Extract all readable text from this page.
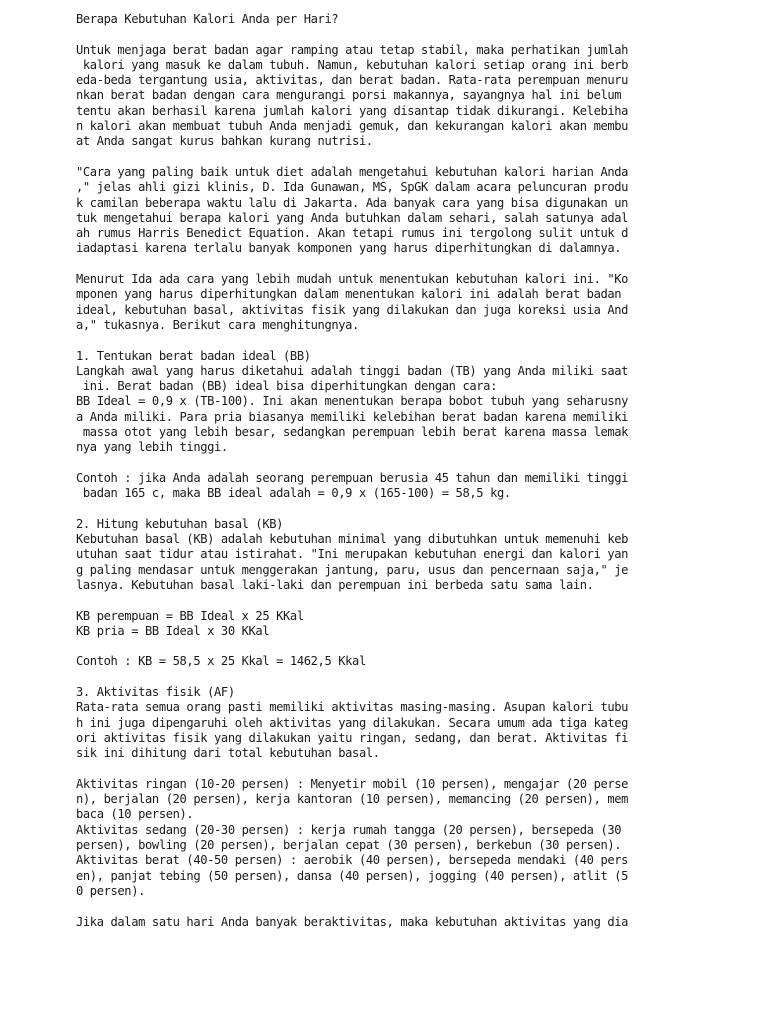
Berapa Kebutuhan Kalori Anda per Hari?
Untuk menjaga berat badan agar ramping atau tetap stabil, maka perhatikan jumlah
kalori yang masuk ke dalam tubuh. Namun, kebutuhan kalori setiap orang ini berb
eda-beda tergantung usia, aktivitas, dan berat badan. Rata-rata perempuan menuru
nkan berat badan dengan cara mengurangi porsi makannya, sayangnya hal ini belum
tentu akan berhasil karena jumlah kalori yang disantap tidak dikurangi. Kelebiha
n kalori akan membuat tubuh Anda menjadi gemuk, dan kekurangan kalori akan membu
at Anda sangat kurus bahkan kurang nutrisi.
"Cara yang paling baik untuk diet adalah mengetahui kebutuhan kalori harian Anda
," jelas ahli gizi klinis, D. Ida Gunawan, MS, SpGK dalam acara peluncuran produ
k camilan beberapa waktu lalu di Jakarta. Ada banyak cara yang bisa digunakan un
tuk mengetahui berapa kalori yang Anda butuhkan dalam sehari, salah satunya adal
ah rumus Harris Benedict Equation. Akan tetapi rumus ini tergolong sulit untuk d
iadaptasi karena terlalu banyak komponen yang harus diperhitungkan di dalamnya.
Menurut Ida ada cara yang lebih mudah untuk menentukan kebutuhan kalori ini. "Ko
mponen yang harus diperhitungkan dalam menentukan kalori ini adalah berat badan
ideal, kebutuhan basal, aktivitas fisik yang dilakukan dan juga koreksi usia And
a," tukasnya. Berikut cara menghitungnya.
1. Tentukan berat badan ideal (BB)
Langkah awal yang harus diketahui adalah tinggi badan (TB) yang Anda miliki saat
ini. Berat badan (BB) ideal bisa diperhitungkan dengan cara:
BB Ideal = 0,9 x (TB-100). Ini akan menentukan berapa bobot tubuh yang seharusny
a Anda miliki. Para pria biasanya memiliki kelebihan berat badan karena memiliki
massa otot yang lebih besar, sedangkan perempuan lebih berat karena massa lemak
nya yang lebih tinggi.
Contoh : jika Anda adalah seorang perempuan berusia 45 tahun dan memiliki tinggi
badan 165 c, maka BB ideal adalah = 0,9 x (165-100) = 58,5 kg.
2. Hitung kebutuhan basal (KB)
Kebutuhan basal (KB) adalah kebutuhan minimal yang dibutuhkan untuk memenuhi keb
utuhan saat tidur atau istirahat. "Ini merupakan kebutuhan energi dan kalori yan
g paling mendasar untuk menggerakan jantung, paru, usus dan pencernaan saja," je
lasnya. Kebutuhan basal laki-laki dan perempuan ini berbeda satu sama lain.
KB perempuan = BB Ideal x 25 KKal
KB pria = BB Ideal x 30 KKal
Contoh : KB = 58,5 x 25 Kkal = 1462,5 Kkal
3. Aktivitas fisik (AF)
Rata-rata semua orang pasti memiliki aktivitas masing-masing. Asupan kalori tubu
h ini juga dipengaruhi oleh aktivitas yang dilakukan. Secara umum ada tiga kateg
ori aktivitas fisik yang dilakukan yaitu ringan, sedang, dan berat. Aktivitas fi
sik ini dihitung dari total kebutuhan basal.
Aktivitas ringan (10-20 persen) : Menyetir mobil (10 persen), mengajar (20 perse
n), berjalan (20 persen), kerja kantoran (10 persen), memancing (20 persen), mem
baca (10 persen).
Aktivitas sedang (20-30 persen) : kerja rumah tangga (20 persen), bersepeda (30
persen), bowling (20 persen), berjalan cepat (30 persen), berkebun (30 persen).
Aktivitas berat (40-50 persen) : aerobik (40 persen), bersepeda mendaki (40 pers
en), panjat tebing (50 persen), dansa (40 persen), jogging (40 persen), atlit (5
0 persen).
Jika dalam satu hari Anda banyak beraktivitas, maka kebutuhan aktivitas yang dia
